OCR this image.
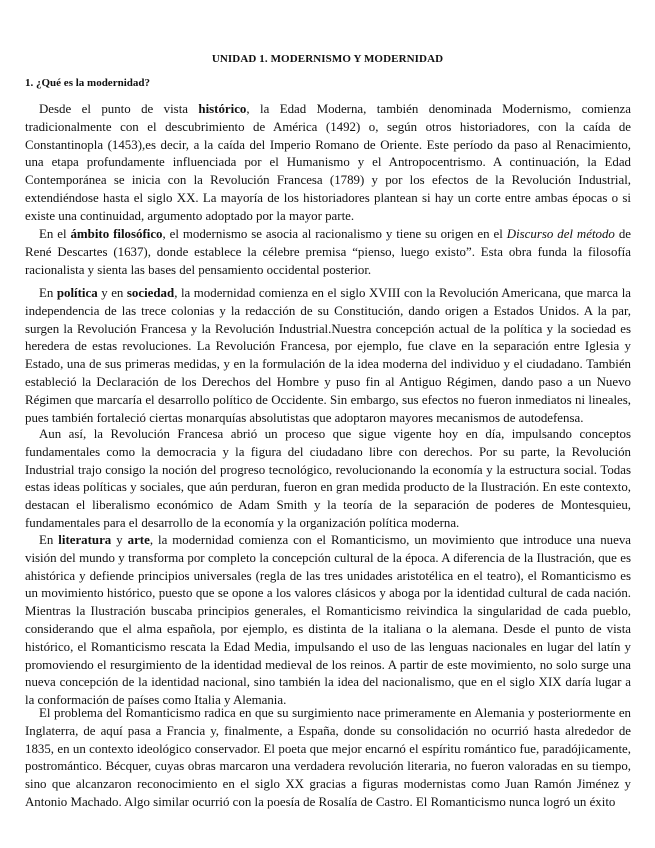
UNIDAD 1. MODERNISMO Y MODERNIDAD
1. ¿Qué es la modernidad?

Desde el punto de vista histórico, la Edad Moderna, también denominada Modernismo, comienza tradicionalmente con el descubrimiento de América (1492) o, según otros historiadores, con la caída de Constantinopla (1453),es decir, a la caída del Imperio Romano de Oriente. Este período da paso al Renacimiento, una etapa profundamente influenciada por el Humanismo y el Antropocentrismo. A continuación, la Edad Contemporánea se inicia con la Revolución Francesa (1789) y por los efectos de la Revolución Industrial, extendiéndose hasta el siglo XX. La mayoría de los historiadores plantean si hay un corte entre ambas épocas o si existe una continuidad, argumento adoptado por la mayor parte.

En el ámbito filosófico, el modernismo se asocia al racionalismo y tiene su origen en el Discurso del método de René Descartes (1637), donde establece la célebre premisa “pienso, luego existo”. Esta obra funda la filosofía racionalista y sienta las bases del pensamiento occidental posterior.

En política y en sociedad, la modernidad comienza en el siglo XVIII con la Revolución Americana, que marca la independencia de las trece colonias y la redacción de su Constitución, dando origen a Estados Unidos. A la par, surgen la Revolución Francesa y la Revolución Industrial.Nuestra concepción actual de la política y la sociedad es heredera de estas revoluciones. La Revolución Francesa, por ejemplo, fue clave en la separación entre Iglesia y Estado, una de sus primeras medidas, y en la formulación de la idea moderna del individuo y el ciudadano. También estableció la Declaración de los Derechos del Hombre y puso fin al Antiguo Régimen, dando paso a un Nuevo Régimen que marcaría el desarrollo político de Occidente. Sin embargo, sus efectos no fueron inmediatos ni lineales, pues también fortaleció ciertas monarquías absolutistas que adoptaron mayores mecanismos de autodefensa.

Aun así, la Revolución Francesa abrió un proceso que sigue vigente hoy en día, impulsando conceptos fundamentales como la democracia y la figura del ciudadano libre con derechos. Por su parte, la Revolución Industrial trajo consigo la noción del progreso tecnológico, revolucionando la economía y la estructura social. Todas estas ideas políticas y sociales, que aún perduran, fueron en gran medida producto de la Ilustración. En este contexto, destacan el liberalismo económico de Adam Smith y la teoría de la separación de poderes de Montesquieu, fundamentales para el desarrollo de la economía y la organización política moderna.

En literatura y arte, la modernidad comienza con el Romanticismo, un movimiento que introduce una nueva visión del mundo y transforma por completo la concepción cultural de la época. A diferencia de la Ilustración, que es ahistórica y defiende principios universales (regla de las tres unidades aristotélica en el teatro), el Romanticismo es un movimiento histórico, puesto que se opone a los valores clásicos y aboga por la identidad cultural de cada nación. Mientras la Ilustración buscaba principios generales, el Romanticismo reivindica la singularidad de cada pueblo, considerando que el alma española, por ejemplo, es distinta de la italiana o la alemana. Desde el punto de vista histórico, el Romanticismo rescata la Edad Media, impulsando el uso de las lenguas nacionales en lugar del latín y promoviendo el resurgimiento de la identidad medieval de los reinos. A partir de este movimiento, no solo surge una nueva concepción de la identidad nacional, sino también la idea del nacionalismo, que en el siglo XIX daría lugar a la conformación de países como Italia y Alemania.

El problema del Romanticismo radica en que su surgimiento nace primeramente en Alemania y posteriormente en Inglaterra, de aquí pasa a Francia y, finalmente, a España, donde su consolidación no ocurrió hasta alrededor de 1835, en un contexto ideológico conservador. El poeta que mejor encarnó el espíritu romántico fue, paradójicamente, postromántico. Bécquer, cuyas obras marcaron una verdadera revolución literaria, no fueron valoradas en su tiempo, sino que alcanzaron reconocimiento en el siglo XX gracias a figuras modernistas como Juan Ramón Jiménez y Antonio Machado. Algo similar ocurrió con la poesía de Rosalía de Castro. El Romanticismo nunca logró un éxito
